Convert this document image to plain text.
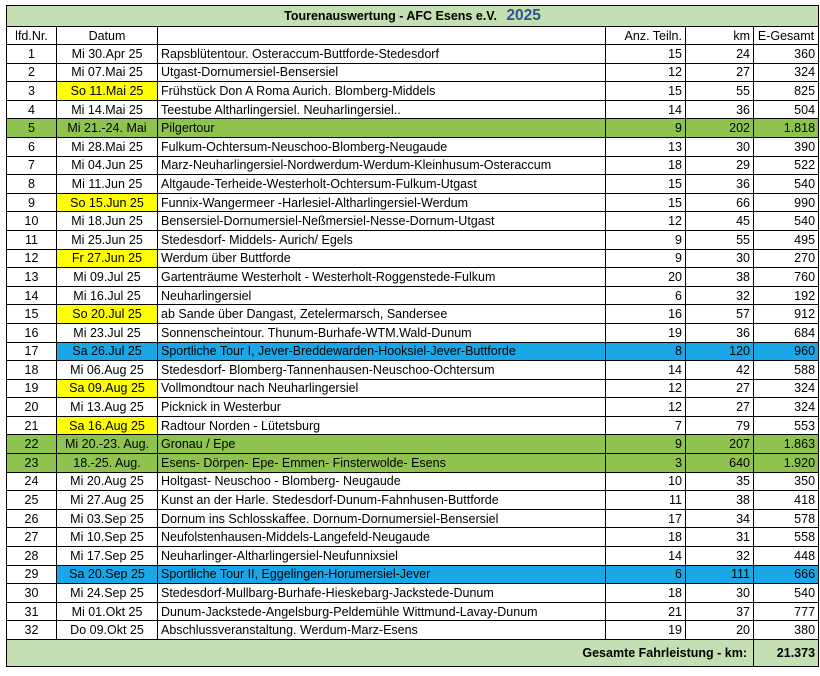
Tourenauswertung - AFC Esens e.V. 2025					
lfd.Nr.	Datum		Anz. Teiln.	km	E-Gesamt
1	Mi 30.Apr 25	Rapsblütentour. Osteraccum-Buttforde-Stedesdorf	15	24	360
2	Mi 07.Mai 25	Utgast-Dornumersiel-Bensersiel	12	27	324
3	So 11.Mai 25	Frühstück Don A Roma Aurich. Blomberg-Middels	15	55	825
4	Mi 14.Mai 25	Teestube Altharlingersiel. Neuharlingersiel..	14	36	504
5	Mi 21.-24. Mai	Pilgertour	9	202	1.818
6	Mi 28.Mai 25	Fulkum-Ochtersum-Neuschoo-Blomberg-Neugaude	13	30	390
7	Mi 04.Jun 25	Marz-Neuharlingersiel-Nordwerdum-Werdum-Kleinhusum-Osteraccum	18	29	522
8	Mi 11.Jun 25	Altgaude-Terheide-Westerholt-Ochtersum-Fulkum-Utgast	15	36	540
9	So 15.Jun 25	Funnix-Wangermeer -Harlesiel-Altharlingersiel-Werdum	15	66	990
10	Mi 18.Jun 25	Bensersiel-Dornumersiel-Neßmersiel-Nesse-Dornum-Utgast	12	45	540
11	Mi 25.Jun 25	Stedesdorf- Middels- Aurich/ Egels	9	55	495
12	Fr 27.Jun 25	Werdum über Buttforde	9	30	270
13	Mi 09.Jul 25	Gartenträume Westerholt - Westerholt-Roggenstede-Fulkum	20	38	760
14	Mi 16.Jul 25	Neuharlingersiel	6	32	192
15	So 20.Jul 25	ab Sande über Dangast, Zetelermarsch, Sandersee	16	57	912
16	Mi 23.Jul 25	Sonnenscheintour. Thunum-Burhafe-WTM.Wald-Dunum	19	36	684
17	Sa 26.Jul 25	Sportliche Tour I, Jever-Breddewarden-Hooksiel-Jever-Buttforde	8	120	960
18	Mi 06.Aug 25	Stedesdorf- Blomberg-Tannenhausen-Neuschoo-Ochtersum	14	42	588
19	Sa 09.Aug 25	Vollmondtour nach Neuharlingersiel	12	27	324
20	Mi 13.Aug 25	Picknick in Westerbur	12	27	324
21	Sa 16.Aug 25	Radtour Norden - Lütetsburg	7	79	553
22	Mi 20.-23. Aug.	Gronau / Epe	9	207	1.863
23	18.-25. Aug.	Esens- Dörpen- Epe- Emmen- Finsterwolde- Esens	3	640	1.920
24	Mi 20.Aug 25	Holtgast- Neuschoo - Blomberg- Neugaude	10	35	350
25	Mi 27.Aug 25	Kunst an der Harle. Stedesdorf-Dunum-Fahnhusen-Buttforde	11	38	418
26	Mi 03.Sep 25	Dornum ins Schlosskaffee. Dornum-Dornumersiel-Bensersiel	17	34	578
27	Mi 10.Sep 25	Neufolstenhausen-Middels-Langefeld-Neugaude	18	31	558
28	Mi 17.Sep 25	Neuharlinger-Altharlingersiel-Neufunnixsiel	14	32	448
29	Sa 20.Sep 25	Sportliche Tour II, Eggelingen-Horumersiel-Jever	6	111	666
30	Mi 24.Sep 25	Stedesdorf-Mullbarg-Burhafe-Hieskebarg-Jackstede-Dunum	18	30	540
31	Mi 01.Okt 25	Dunum-Jackstede-Angelsburg-Peldemühle Wittmund-Lavay-Dunum	21	37	777
32	Do 09.Okt 25	Abschlussveranstaltung. Werdum-Marz-Esens	19	20	380
Gesamte Fahrleistung - km:					21.373
